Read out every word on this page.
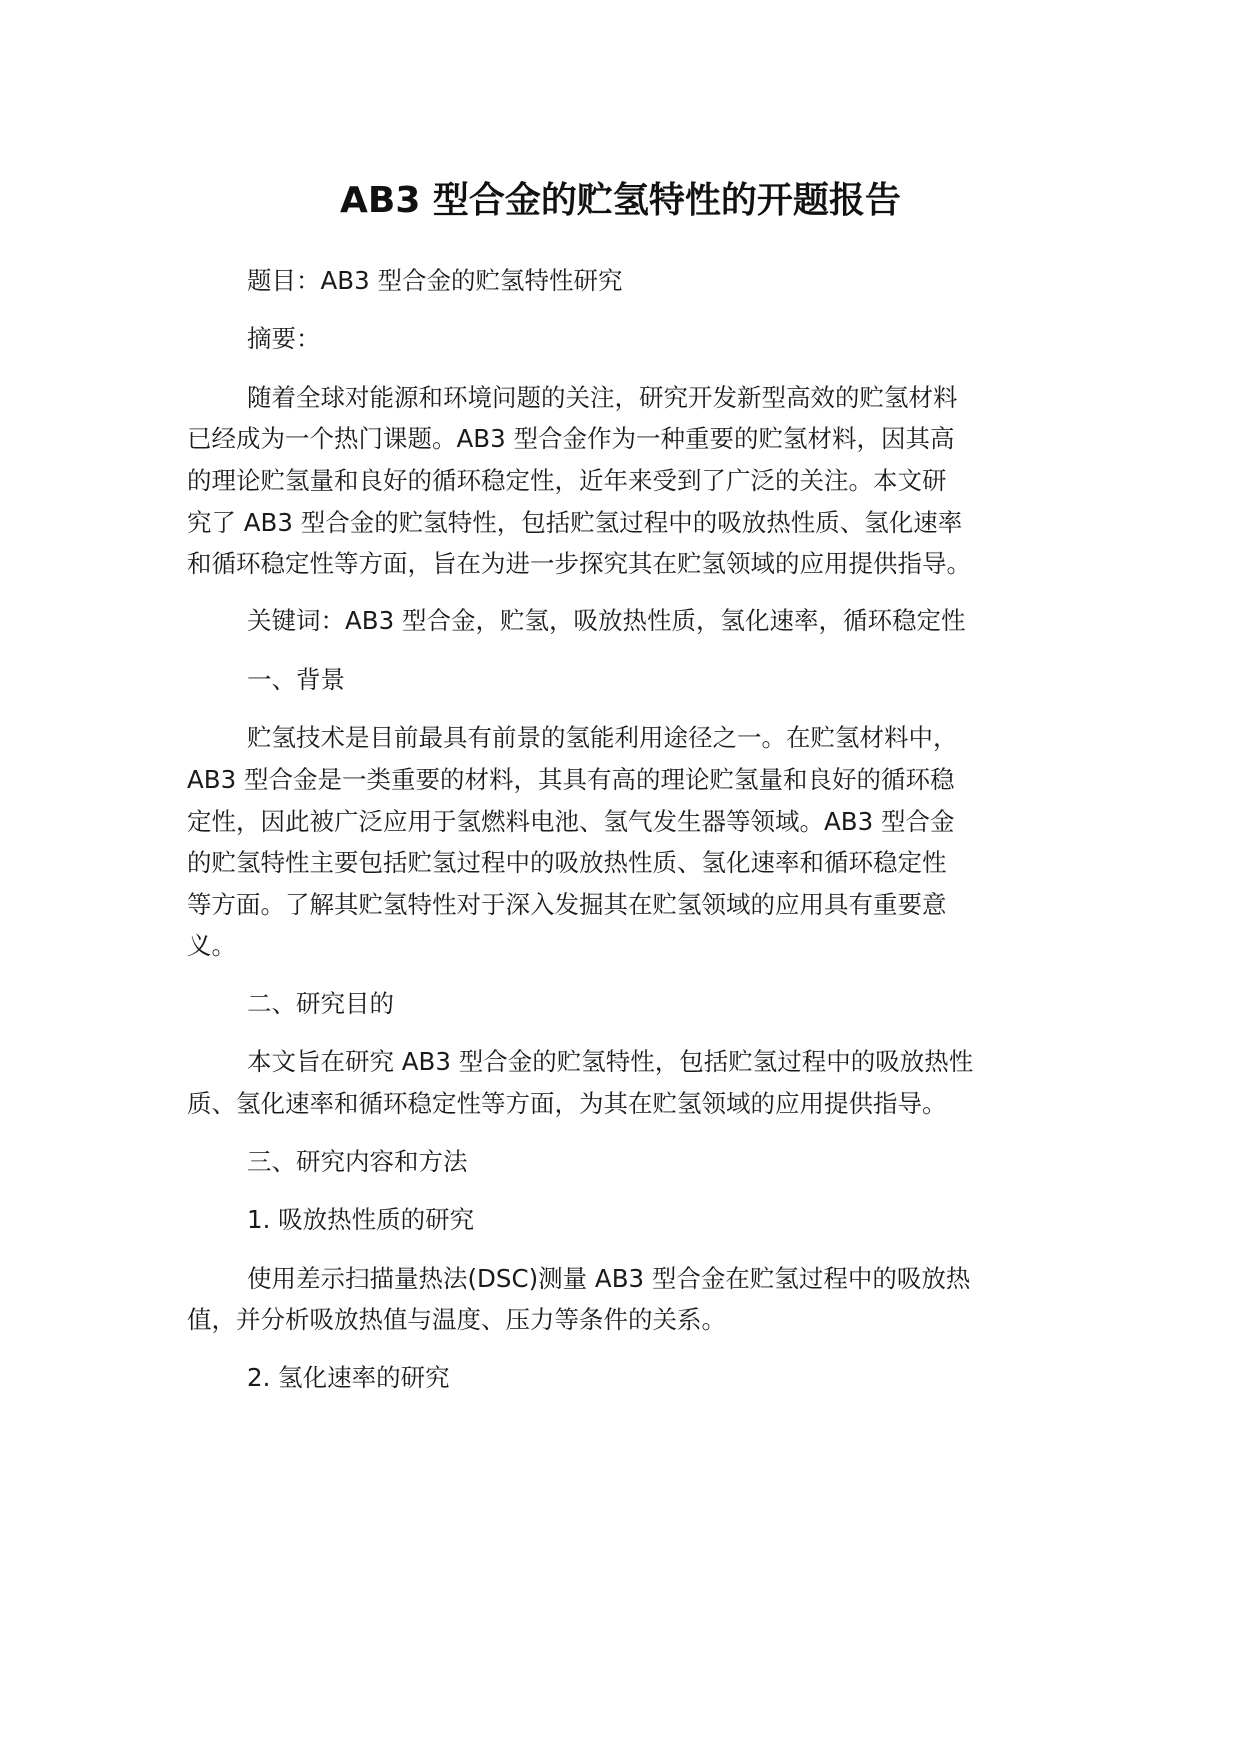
AB3 型合金的贮氢特性的开题报告

题目：AB3 型合金的贮氢特性研究

摘要：

随着全球对能源和环境问题的关注，研究开发新型高效的贮氢材料

已经成为一个热门课题。AB3 型合金作为一种重要的贮氢材料，因其高

的理论贮氢量和良好的循环稳定性，近年来受到了广泛的关注。本文研

究了 AB3 型合金的贮氢特性，包括贮氢过程中的吸放热性质、氢化速率

和循环稳定性等方面，旨在为进一步探究其在贮氢领域的应用提供指导。

关键词：AB3 型合金，贮氢，吸放热性质，氢化速率，循环稳定性

一、背景

贮氢技术是目前最具有前景的氢能利用途径之一。在贮氢材料中，

AB3 型合金是一类重要的材料，其具有高的理论贮氢量和良好的循环稳

定性，因此被广泛应用于氢燃料电池、氢气发生器等领域。AB3 型合金

的贮氢特性主要包括贮氢过程中的吸放热性质、氢化速率和循环稳定性

等方面。了解其贮氢特性对于深入发掘其在贮氢领域的应用具有重要意

义。

二、研究目的

本文旨在研究 AB3 型合金的贮氢特性，包括贮氢过程中的吸放热性

质、氢化速率和循环稳定性等方面，为其在贮氢领域的应用提供指导。

三、研究内容和方法

1. 吸放热性质的研究

使用差示扫描量热法(DSC)测量 AB3 型合金在贮氢过程中的吸放热

值，并分析吸放热值与温度、压力等条件的关系。

2. 氢化速率的研究
